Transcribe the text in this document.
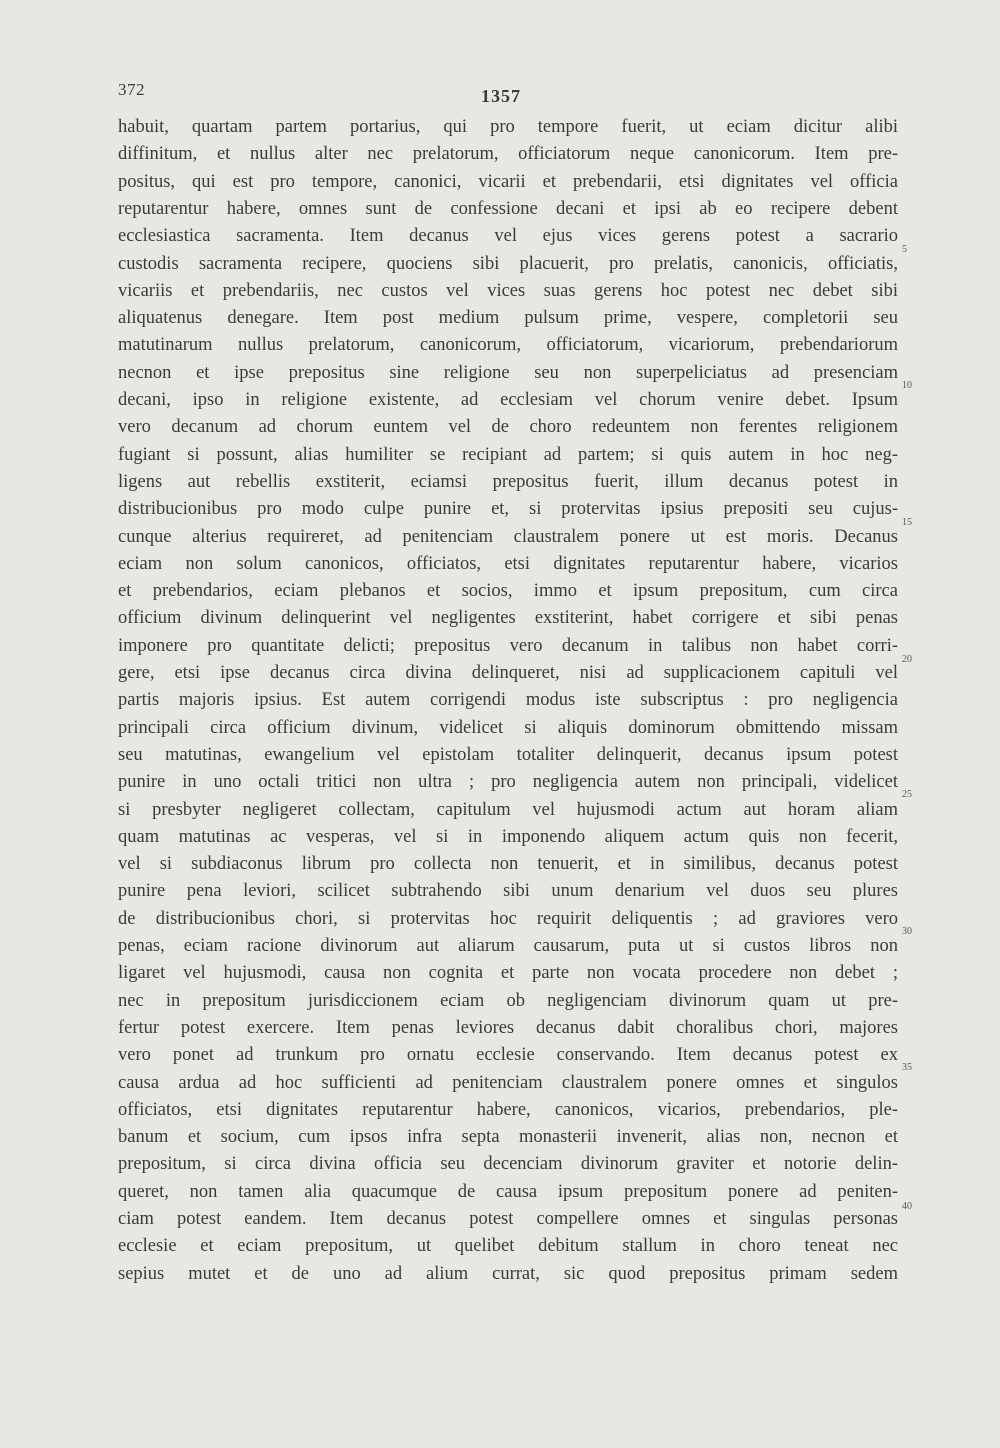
372	1357
habuit, quartam partem portarius, qui pro tempore fuerit, ut eciam dicitur alibi
diffinitum, et nullus alter nec prelatorum, officiatorum neque canonicorum. Item pre-
positus, qui est pro tempore, canonici, vicarii et prebendarii, etsi dignitates vel officia
reputarentur habere, omnes sunt de confessione decani et ipsi ab eo recipere debent
ecclesiastica sacramenta. Item decanus vel ejus vices gerens potest a sacrario
custodis sacramenta recipere, quociens sibi placuerit, pro prelatis, canonicis, officiatis,
vicariis et prebendariis, nec custos vel vices suas gerens hoc potest nec debet sibi
aliquatenus denegare. Item post medium pulsum prime, vespere, completorii seu
matutinarum nullus prelatorum, canonicorum, officiatorum, vicariorum, prebendariorum
necnon et ipse prepositus sine religione seu non superpeliciatus ad presenciam
decani, ipso in religione existente, ad ecclesiam vel chorum venire debet. Ipsum
vero decanum ad chorum euntem vel de choro redeuntem non ferentes religionem
fugiant si possunt, alias humiliter se recipiant ad partem; si quis autem in hoc neg-
ligens aut rebellis exstiterit, eciamsi prepositus fuerit, illum decanus potest in
distribucionibus pro modo culpe punire et, si protervitas ipsius prepositi seu cujus-
cunque alterius requireret, ad penitenciam claustralem ponere ut est moris. Decanus
eciam non solum canonicos, officiatos, etsi dignitates reputarentur habere, vicarios
et prebendarios, eciam plebanos et socios, immo et ipsum prepositum, cum circa
officium divinum delinquerint vel negligentes exstiterint, habet corrigere et sibi penas
imponere pro quantitate delicti; prepositus vero decanum in talibus non habet corri-
gere, etsi ipse decanus circa divina delinqueret, nisi ad supplicacionem capituli vel
partis majoris ipsius. Est autem corrigendi modus iste subscriptus : pro negligencia
principali circa officium divinum, videlicet si aliquis dominorum obmittendo missam
seu matutinas, ewangelium vel epistolam totaliter delinquerit, decanus ipsum potest
punire in uno octali tritici non ultra ; pro negligencia autem non principali, videlicet
si presbyter negligeret collectam, capitulum vel hujusmodi actum aut horam aliam
quam matutinas ac vesperas, vel si in imponendo aliquem actum quis non fecerit,
vel si subdiaconus librum pro collecta non tenuerit, et in similibus, decanus potest
punire pena leviori, scilicet subtrahendo sibi unum denarium vel duos seu plures
de distribucionibus chori, si protervitas hoc requirit deliquentis ; ad graviores vero
penas, eciam racione divinorum aut aliarum causarum, puta ut si custos libros non
ligaret vel hujusmodi, causa non cognita et parte non vocata procedere non debet ;
nec in prepositum jurisdiccionem eciam ob negligenciam divinorum quam ut pre-
fertur potest exercere. Item penas leviores decanus dabit choralibus chori, majores
vero ponet ad trunkum pro ornatu ecclesie conservando. Item decanus potest ex
causa ardua ad hoc sufficienti ad penitenciam claustralem ponere omnes et singulos
officiatos, etsi dignitates reputarentur habere, canonicos, vicarios, prebendarios, ple-
banum et socium, cum ipsos infra septa monasterii invenerit, alias non, necnon et
prepositum, si circa divina officia seu decenciam divinorum graviter et notorie delin-
queret, non tamen alia quacumque de causa ipsum prepositum ponere ad peniten-
ciam potest eandem. Item decanus potest compellere omnes et singulas personas
ecclesie et eciam prepositum, ut quelibet debitum stallum in choro teneat nec
sepius mutet et de uno ad alium currat, sic quod prepositus primam sedem
5
10
15
20
25
30
35
40
